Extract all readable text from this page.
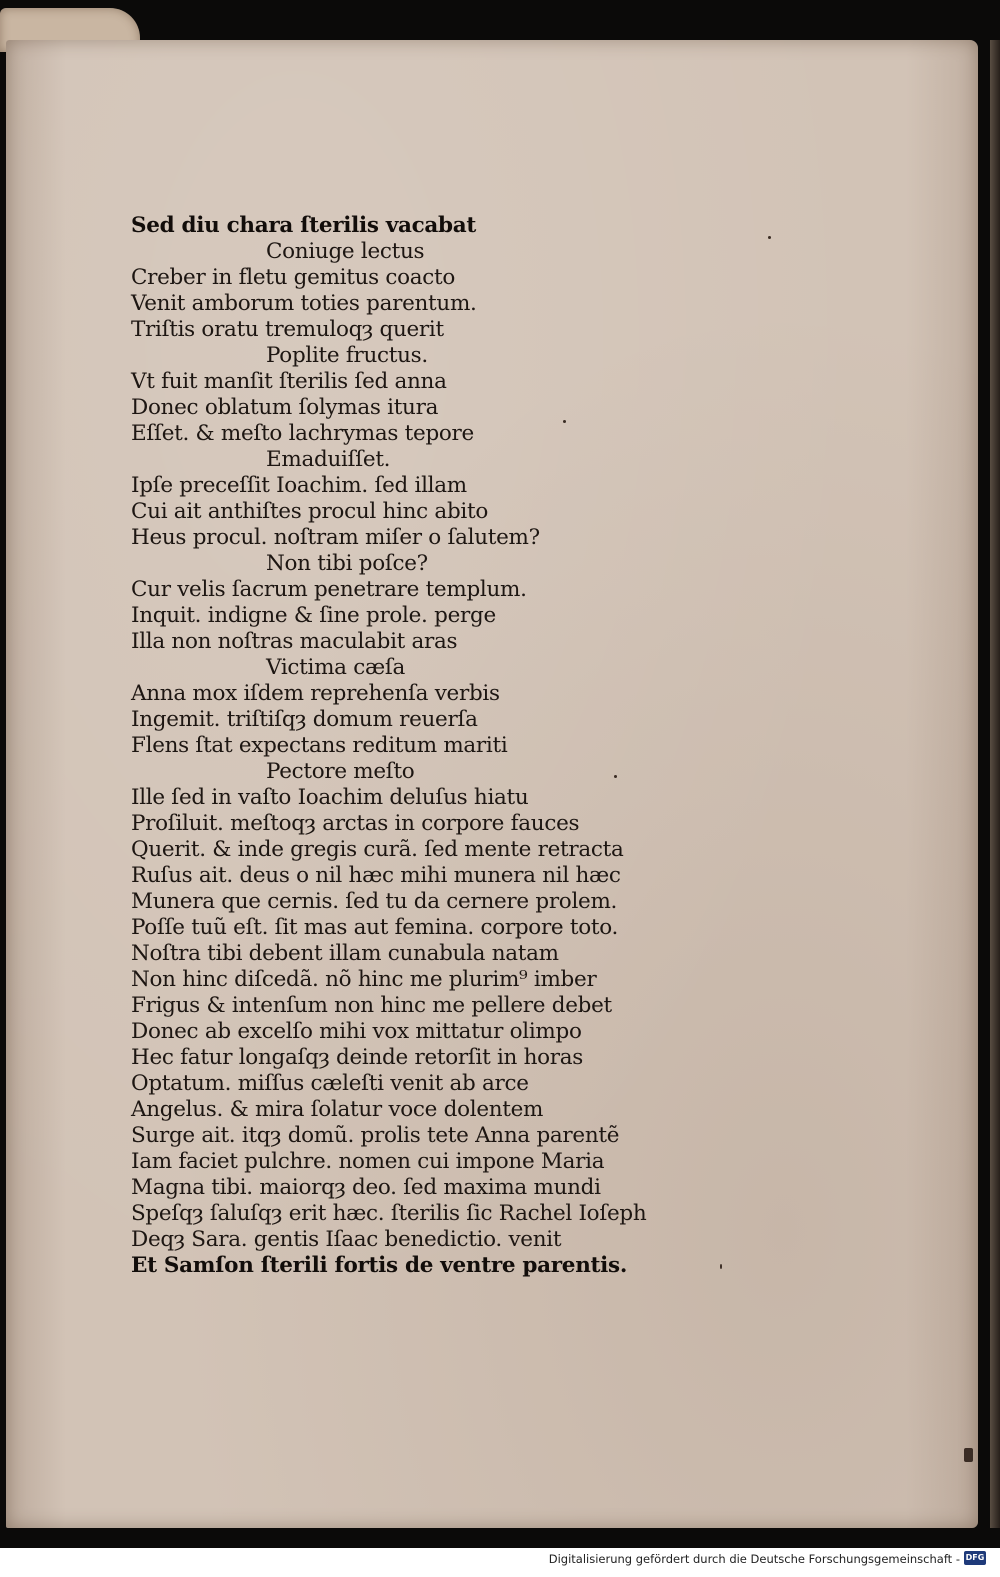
Sed diu chara ſterilis vacabat
Coniuge lectus
Creber in fletu gemitus coacto
Venit amborum toties parentum.
Triſtis oratu tremuloqȝ querit
Poplite fructus.
Vt fuit manſit ſterilis ſed anna
Donec oblatum ſolymas itura
Eſſet. & meſto lachrymas tepore
Emaduiſſet.
Ipſe preceſſit Ioachim. ſed illam
Cui ait anthiſtes procul hinc abito
Heus procul. noſtram miſer o ſalutem?
Non tibi poſce?
Cur velis ſacrum penetrare templum.
Inquit. indigne & ſine prole. perge
Illa non noſtras maculabit aras
Victima cæſa
Anna mox iſdem reprehenſa verbis
Ingemit. triſtiſqȝ domum reuerſa
Flens ſtat expectans reditum mariti
Pectore meſto
Ille ſed in vaſto Ioachim deluſus hiatu
Proſiluit. meſtoqȝ arctas in corpore fauces
Querit. & inde gregis curã. ſed mente retracta
Ruſus ait. deus o nil hæc mihi munera nil hæc
Munera que cernis. ſed tu da cernere prolem.
Poſſe tuũ eſt. ſit mas aut femina. corpore toto.
Noſtra tibi debent illam cunabula natam
Non hinc diſcedã. nõ hinc me plurim⁹ imber
Frigus & intenſum non hinc me pellere debet
Donec ab excelſo mihi vox mittatur olimpo
Hec fatur longaſqȝ deinde retorſit in horas
Optatum. miſſus cæleſti venit ab arce
Angelus. & mira ſolatur voce dolentem
Surge ait. itqȝ domũ. prolis tete Anna parentẽ
Iam faciet pulchre. nomen cui impone Maria
Magna tibi. maiorqȝ deo. ſed maxima mundi
Speſqȝ ſaluſqȝ erit hæc. ſterilis ſic Rachel Ioſeph
Deqȝ Sara. gentis Iſaac benedictio. venit
Et Samſon ſterili fortis de ventre parentis.
Digitalisierung gefördert durch die Deutsche Forschungsgemeinschaft - DFG
